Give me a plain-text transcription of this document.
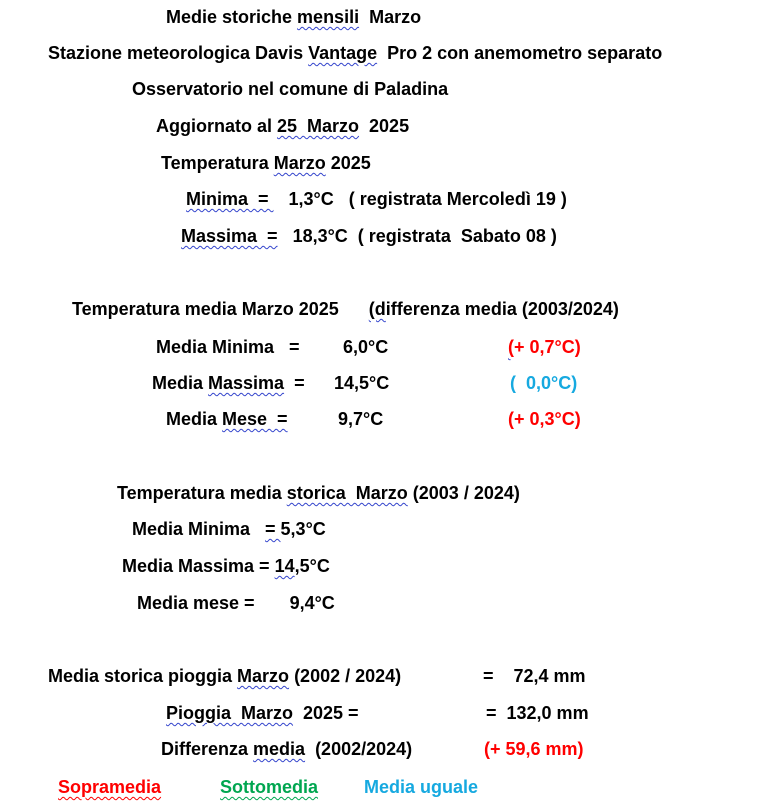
Medie storiche mensili  Marzo
Stazione meteorologica Davis Vantage  Pro 2 con anemometro separato
Osservatorio nel comune di Paladina
Aggiornato al 25  Marzo  2025
Temperatura Marzo 2025
Minima  =    1,3°C   ( registrata Mercoledì 19 )
Massima  =   18,3°C  ( registrata  Sabato 08 )
Temperatura media Marzo 2025      (differenza media (2003/2024)
Media Minima   = 6,0°C	(+ 0,7°C)
Media Massima  = 14,5°C	(  0,0°C)
Media Mese  =	9,7°C	(+ 0,3°C)
Temperatura media storica  Marzo (2003 / 2024)
Media Minima   = 5,3°C
Media Massima = 14,5°C
Media mese =       9,4°C
Media storica pioggia Marzo (2002 / 2024)	=    72,4 mm
Pioggia  Marzo  2025 =	=  132,0 mm
Differenza media  (2002/2024)	(+ 59,6 mm)
Sopramedia	Sottomedia	Media uguale
